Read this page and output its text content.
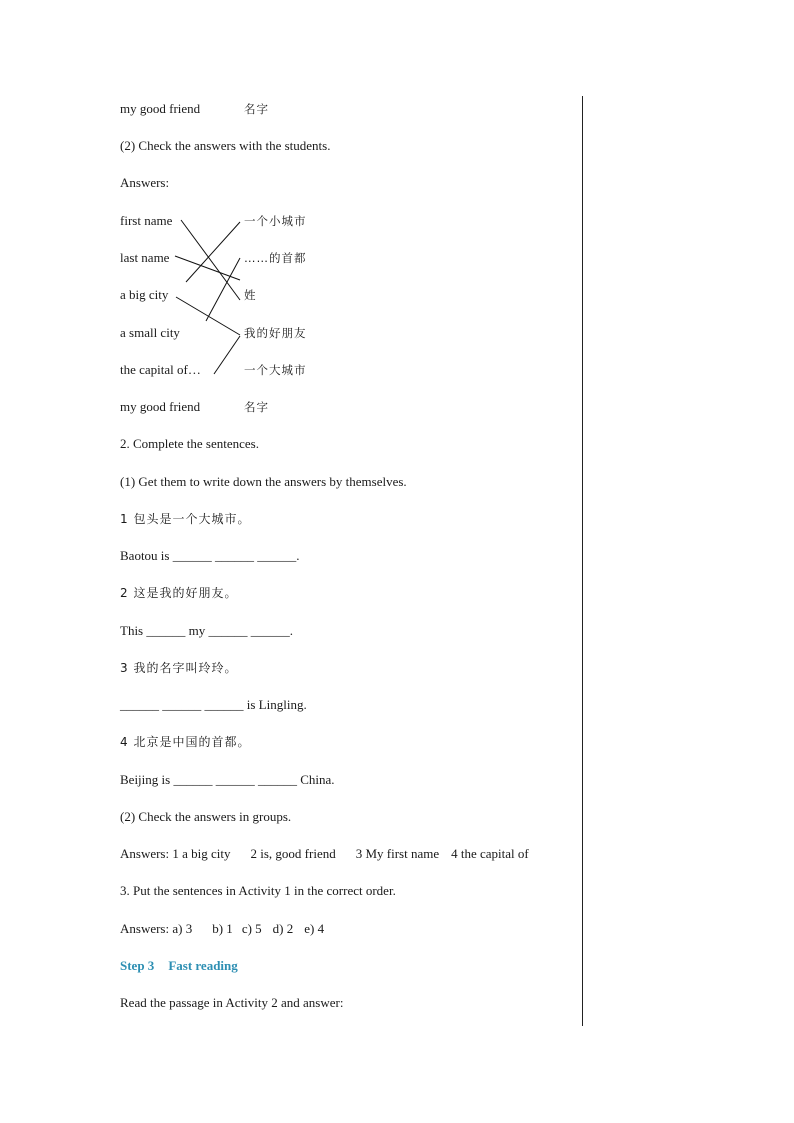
my good friend	名字
(2) Check the answers with the students.
Answers:
first name
last name
a big city
a small city
the capital of…
my good friend
一个小城市
……的首都
姓
我的好朋友
一个大城市
名字
2. Complete the sentences.
(1) Get them to write down the answers by themselves.
1 包头是一个大城市。
Baotou is ______ ______ ______.
2 这是我的好朋友。
This ______ my ______ ______.
3 我的名字叫玲玲。
______ ______ ______ is Lingling.
4 北京是中国的首都。
Beijing is ______ ______ ______ China.
(2) Check the answers in groups.
Answers: 1 a big city 2 is, good friend 3 My first name 4 the capital of
3. Put the sentences in Activity 1 in the correct order.
Answers: a) 3 b) 1 c) 5 d) 2 e) 4
Step 3 Fast reading
Read the passage in Activity 2 and answer:
